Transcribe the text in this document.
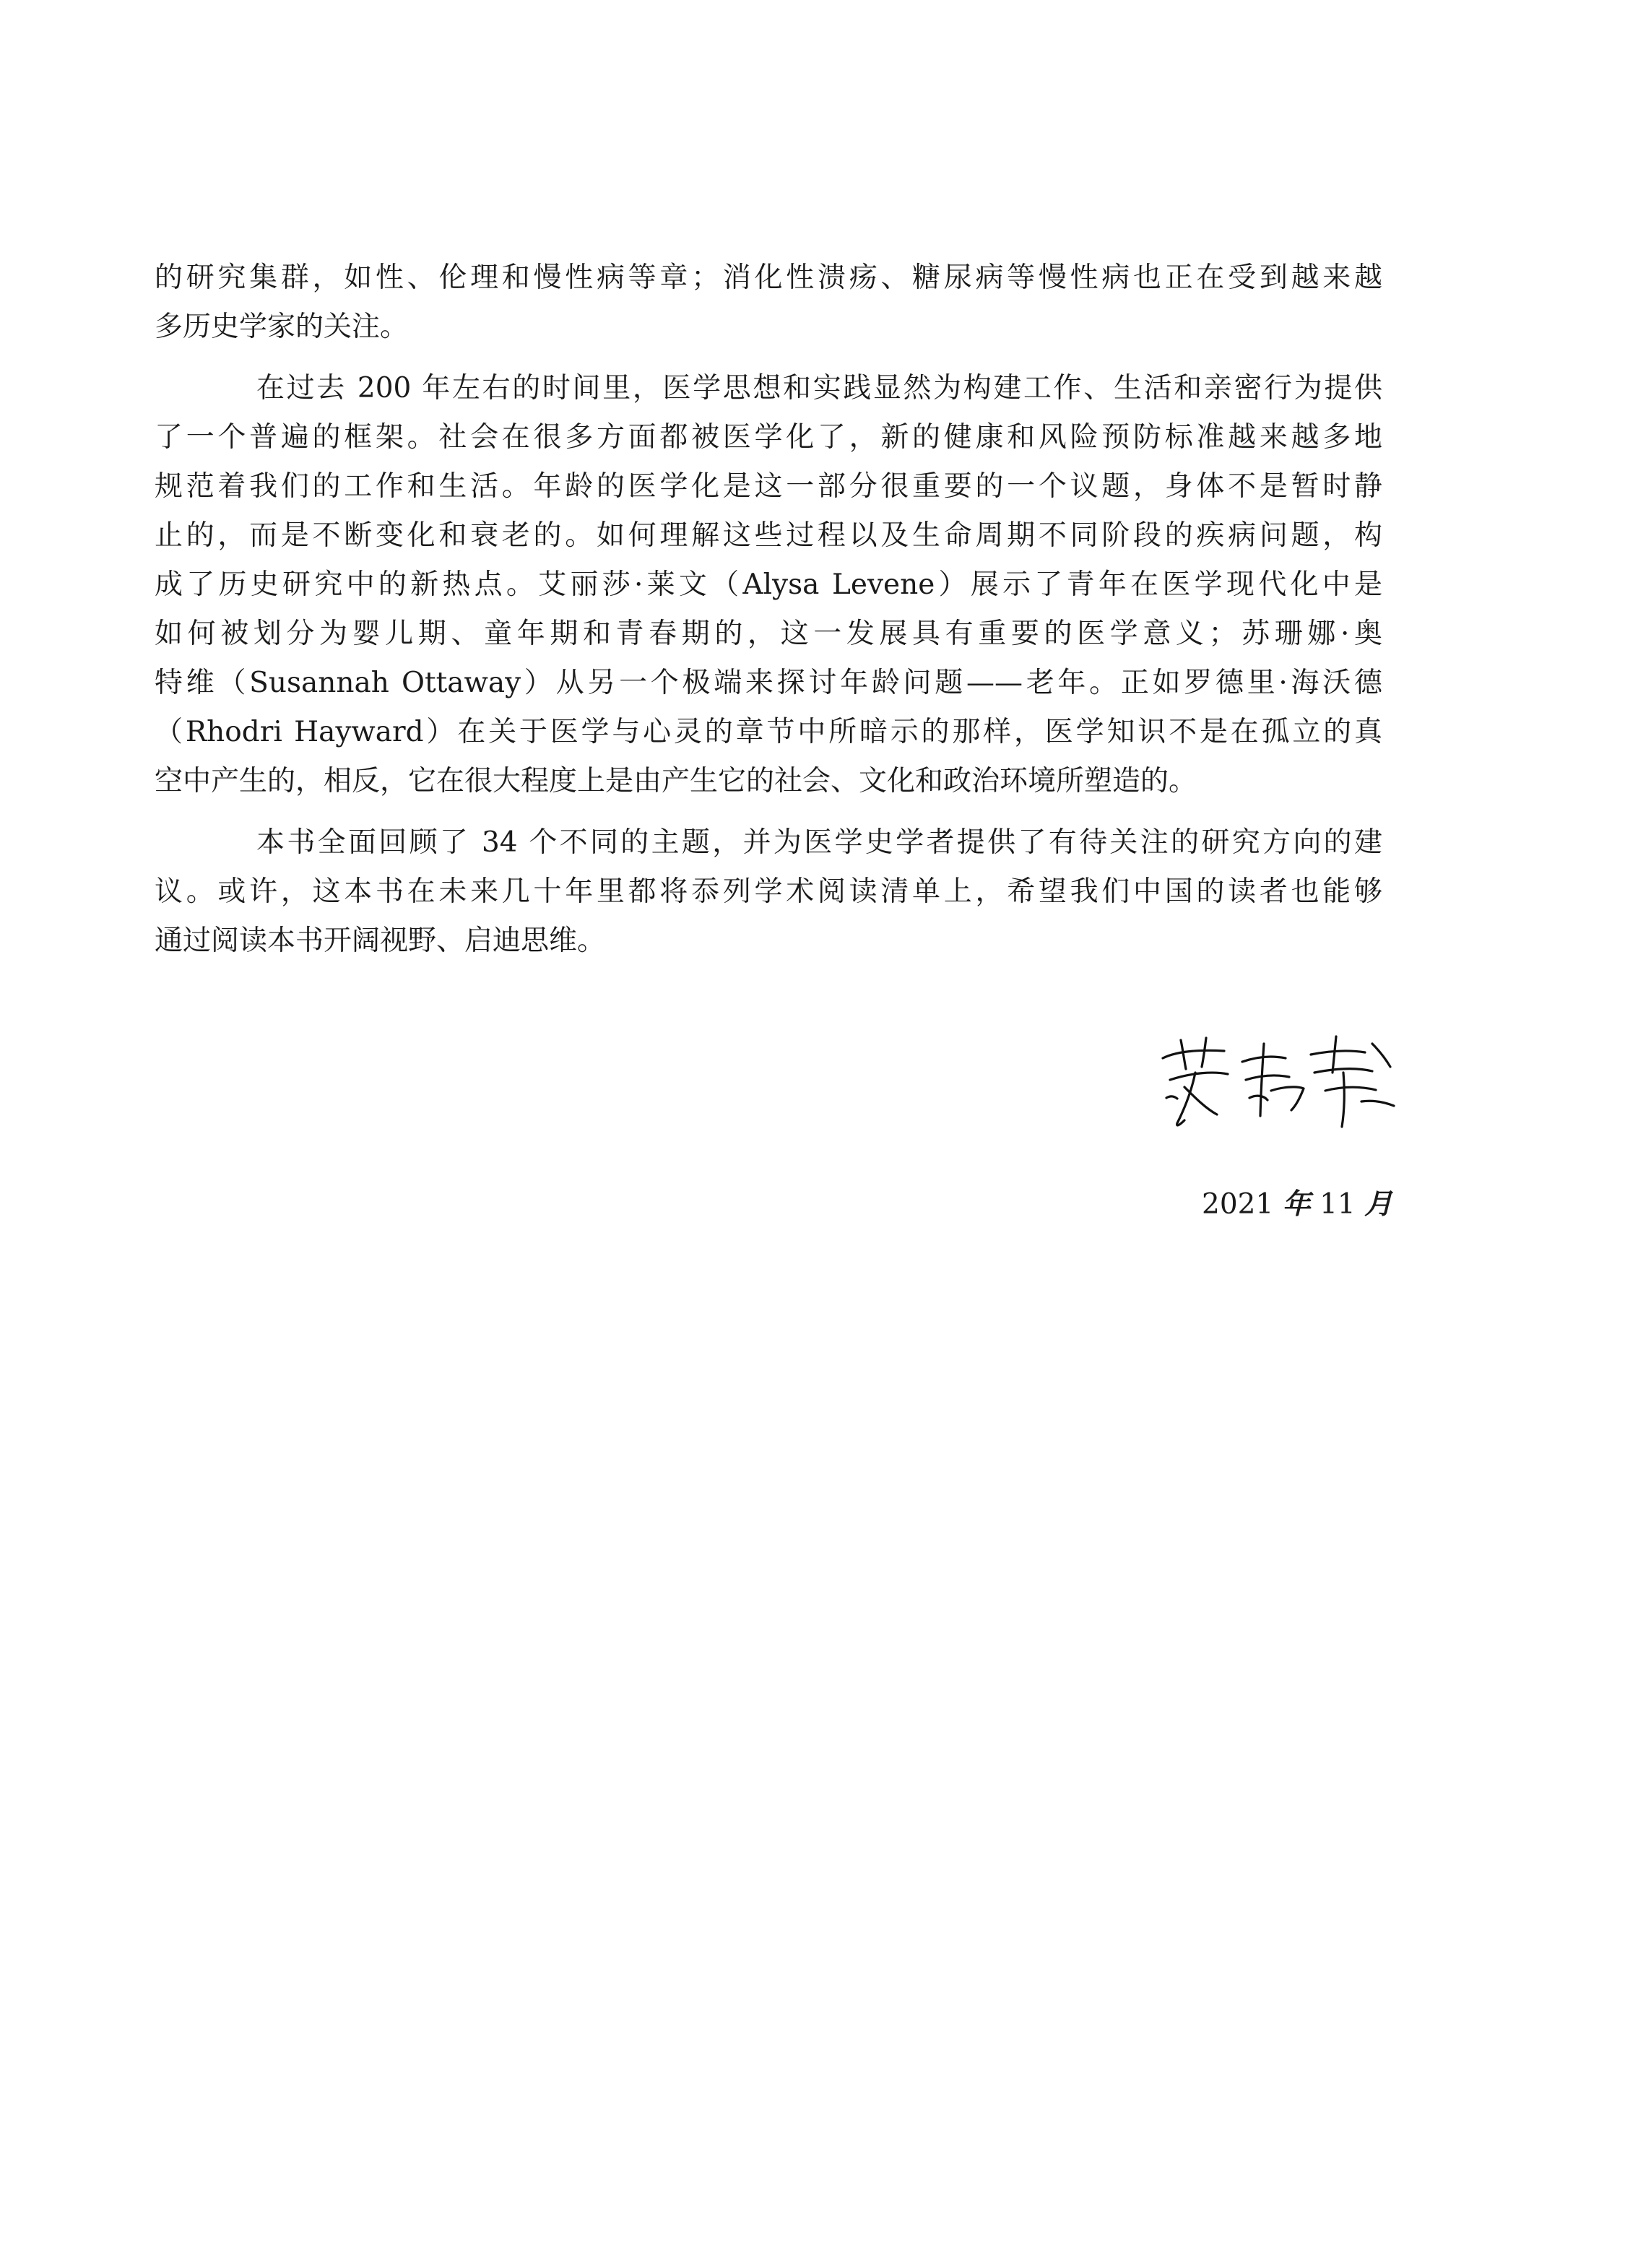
的研究集群，如性、伦理和慢性病等章；消化性溃疡、糖尿病等慢性病也正在受到越来越
多历史学家的关注。
在过去 200 年左右的时间里，医学思想和实践显然为构建工作、生活和亲密行为提供
了一个普遍的框架。社会在很多方面都被医学化了，新的健康和风险预防标准越来越多地
规范着我们的工作和生活。年龄的医学化是这一部分很重要的一个议题，身体不是暂时静
止的，而是不断变化和衰老的。如何理解这些过程以及生命周期不同阶段的疾病问题，构
成了历史研究中的新热点。艾丽莎·莱文（Alysa Levene）展示了青年在医学现代化中是
如何被划分为婴儿期、童年期和青春期的，这一发展具有重要的医学意义；苏珊娜·奥
特维（Susannah Ottaway）从另一个极端来探讨年龄问题——老年。正如罗德里·海沃德
（Rhodri Hayward）在关于医学与心灵的章节中所暗示的那样，医学知识不是在孤立的真
空中产生的，相反，它在很大程度上是由产生它的社会、文化和政治环境所塑造的。
本书全面回顾了 34 个不同的主题，并为医学史学者提供了有待关注的研究方向的建
议。或许，这本书在未来几十年里都将忝列学术阅读清单上，希望我们中国的读者也能够
通过阅读本书开阔视野、启迪思维。
2021 年 11 月
